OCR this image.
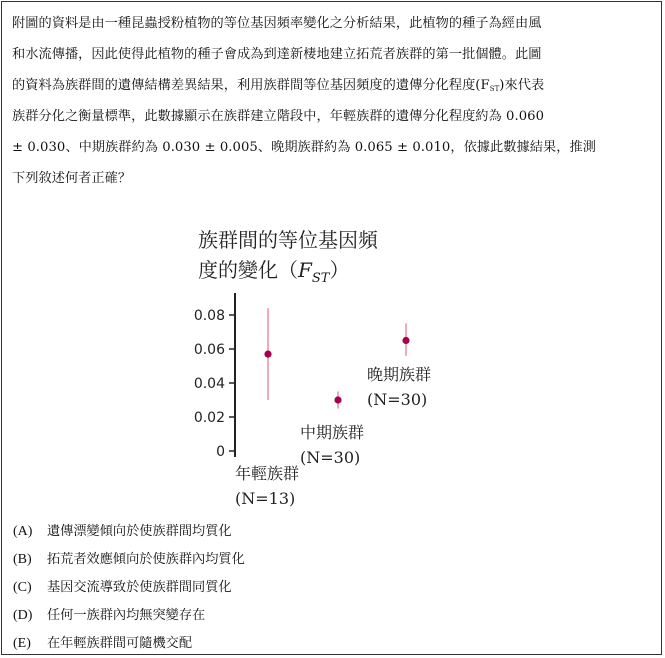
附圖的資料是由一種昆蟲授粉植物的等位基因頻率變化之分析結果，此植物的種子為經由風
和水流傳播，因此使得此植物的種子會成為到達新棲地建立拓荒者族群的第一批個體。此圖
的資料為族群間的遺傳結構差異結果，利用族群間等位基因頻度的遺傳分化程度$(F_{ST})$來代表
族群分化之衡量標準，此數據顯示在族群建立階段中，年輕族群的遺傳分化程度約為 0.060
± 0.030、中期族群約為 0.030 ± 0.005、晚期族群約為 0.065 ± 0.010，依據此數據結果，推測
下列敘述何者正確？
族群間的等位基因頻
度的變化$(F_{ST})$
0
0.02
0.04
0.06
0.08
年輕族群
(N=13)
中期族群
(N=30)
晚期族群
(N=30)
(A) 遺傳漂變傾向於使族群間均質化
(B) 拓荒者效應傾向於使族群內均質化
(C) 基因交流導致於使族群間同質化
(D) 任何一族群內均無突變存在
(E) 在年輕族群間可隨機交配
